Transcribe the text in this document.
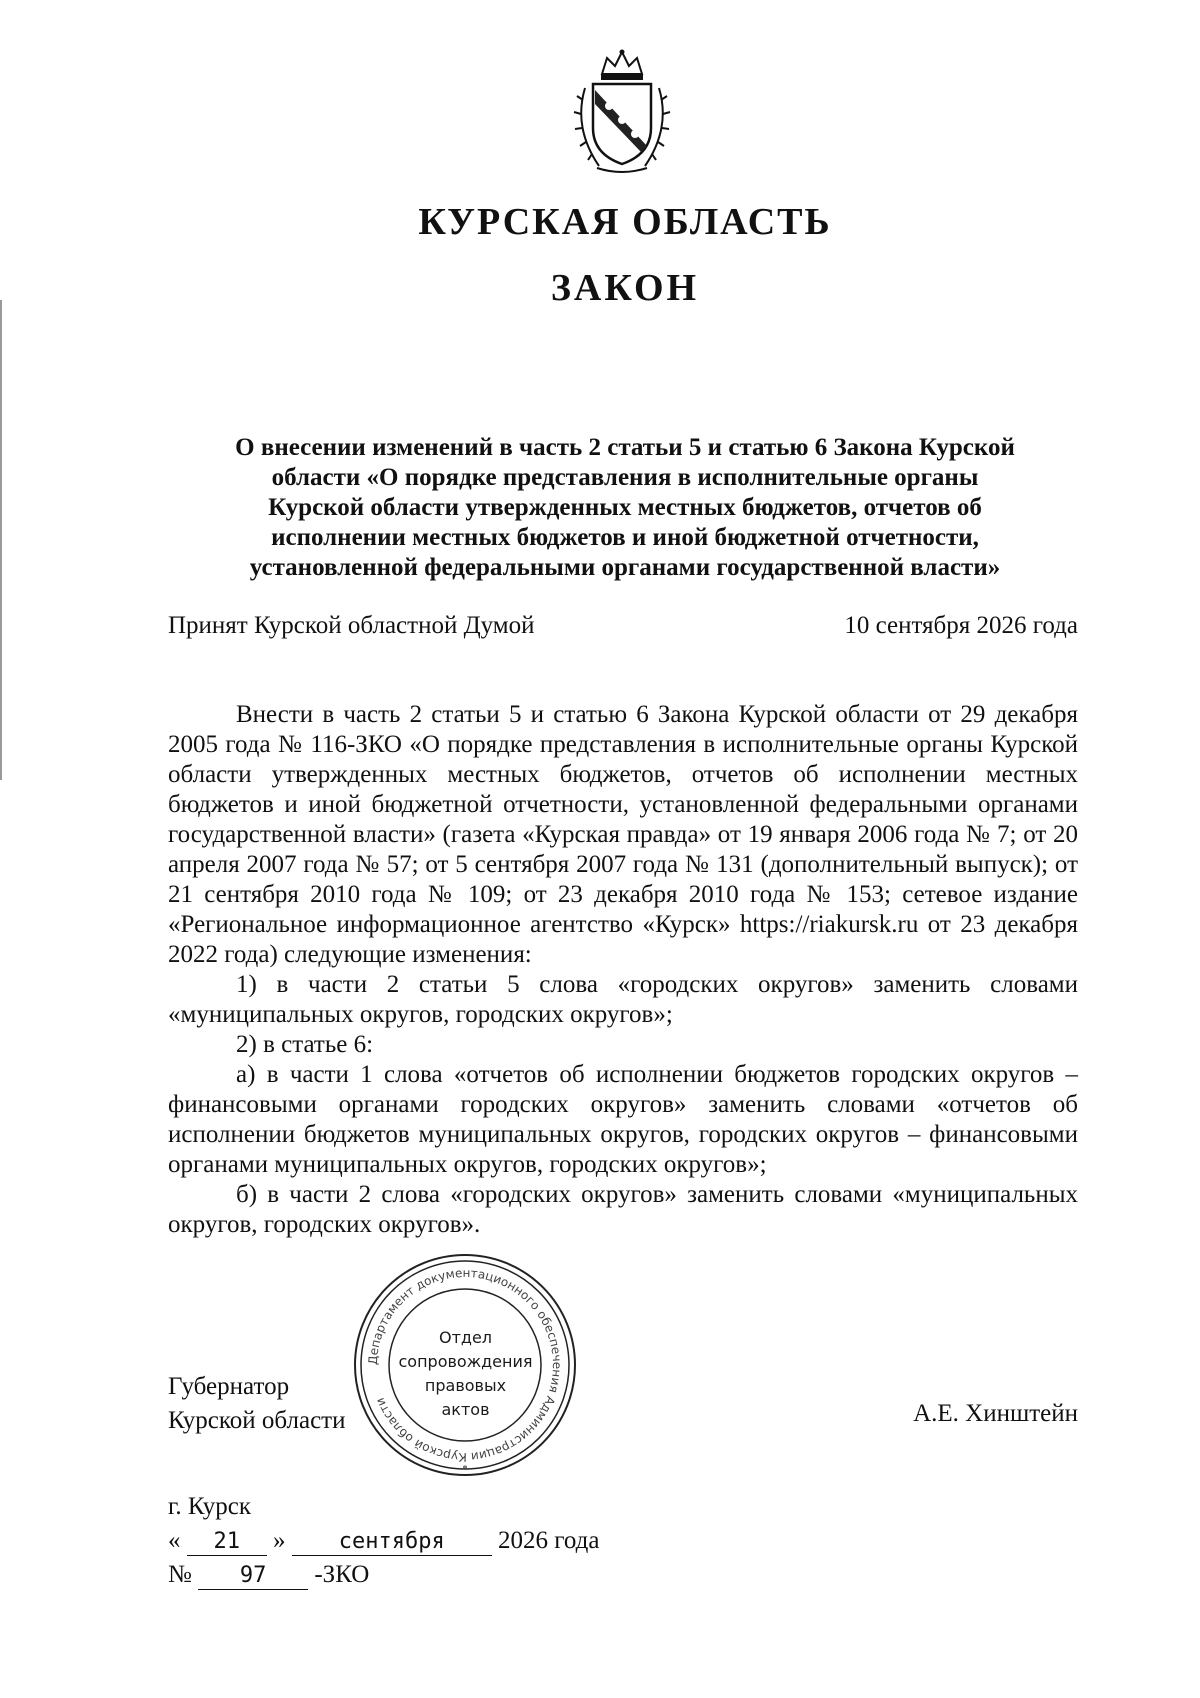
КУРСКАЯ ОБЛАСТЬ
ЗАКОН
О внесении изменений в часть 2 статьи 5 и статью 6 Закона Курской
области «О порядке представления в исполнительные органы
Курской области утвержденных местных бюджетов, отчетов об
исполнении местных бюджетов и иной бюджетной отчетности,
установленной федеральными органами государственной власти»
Принят Курской областной Думой	10 сентября 2026 года

Внести в часть 2 статьи 5 и статью 6 Закона Курской области от 29 декабря 2005 года № 116-ЗКО «О порядке представления в исполнительные органы Курской области утвержденных местных бюджетов, отчетов об исполнении местных бюджетов и иной бюджетной отчетности, установленной федеральными органами государственной власти» (газета «Курская правда» от 19 января 2006 года № 7; от 20 апреля 2007 года № 57; от 5 сентября 2007 года № 131 (дополнительный выпуск); от 21 сентября 2010 года № 109; от 23 декабря 2010 года № 153; сетевое издание «Региональное информационное агентство «Курск» https://riakursk.ru от 23 декабря 2022 года) следующие изменения:

1) в части 2 статьи 5 слова «городских округов» заменить словами «муниципальных округов, городских округов»;

2) в статье 6:

а) в части 1 слова «отчетов об исполнении бюджетов городских округов – финансовыми органами городских округов» заменить словами «отчетов об исполнении бюджетов муниципальных округов, городских округов – финансовыми органами муниципальных округов, городских округов»;

б) в части 2 слова «городских округов» заменить словами «муниципальных округов, городских округов».

Губернатор
Курской области	А.Е. Хинштейн
Департамент документационного обеспечения Администрации Курской области
*
Отдел
сопровождения
правовых
актов
г. Курск
« 21 » сентября 2026 года
№ 97 -ЗКО
